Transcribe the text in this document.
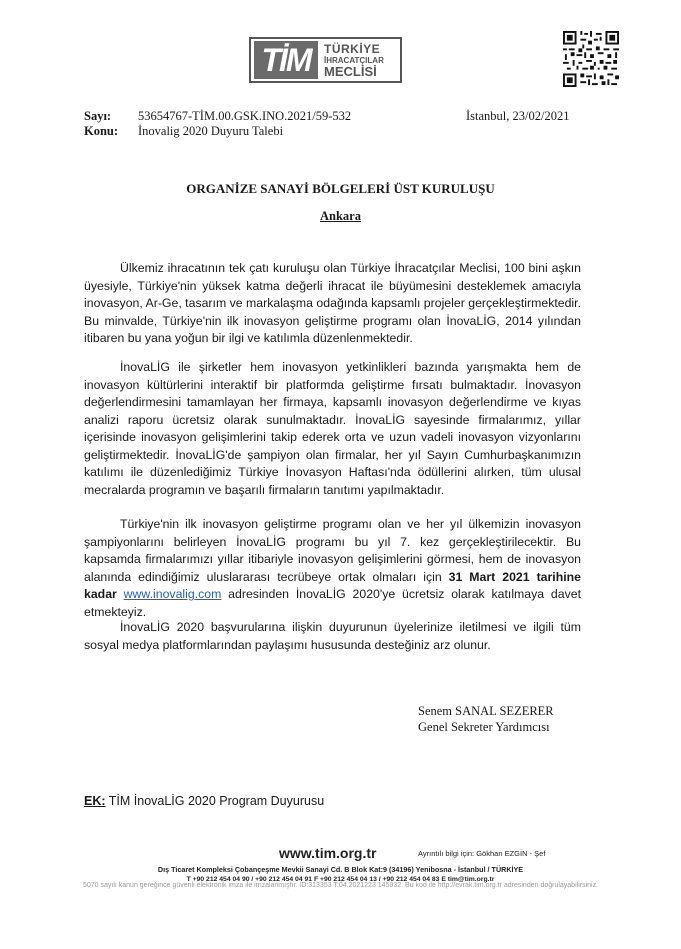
TİM	TÜRKİYE
İHRACATÇILAR
MECLİSİ
Sayı: 53654767-TİM.00.GSK.INO.2021/59-532
Konu: İnovalig 2020 Duyuru Talebi
İstanbul, 23/02/2021
ORGANİZE SANAYİ BÖLGELERİ ÜST KURULUŞU
Ankara

Ülkemiz ihracatının tek çatı kuruluşu olan Türkiye İhracatçılar Meclisi, 100 bini aşkın üyesiyle, Türkiye'nin yüksek katma değerli ihracat ile büyümesini desteklemek amacıyla inovasyon, Ar-Ge, tasarım ve markalaşma odağında kapsamlı projeler gerçekleştirmektedir. Bu minvalde, Türkiye'nin ilk inovasyon geliştirme programı olan İnovaLİG, 2014 yılından itibaren bu yana yoğun bir ilgi ve katılımla düzenlenmektedir.

İnovaLİG ile şirketler hem inovasyon yetkinlikleri bazında yarışmakta hem de inovasyon kültürlerini interaktif bir platformda geliştirme fırsatı bulmaktadır. İnovasyon değerlendirmesini tamamlayan her firmaya, kapsamlı inovasyon değerlendirme ve kıyas analizi raporu ücretsiz olarak sunulmaktadır. İnovaLİG sayesinde firmalarımız, yıllar içerisinde inovasyon gelişimlerini takip ederek orta ve uzun vadeli inovasyon vizyonlarını geliştirmektedir. İnovaLİG'de şampiyon olan firmalar, her yıl Sayın Cumhurbaşkanımızın katılımı ile düzenlediğimiz Türkiye İnovasyon Haftası'nda ödüllerini alırken, tüm ulusal mecralarda programın ve başarılı firmaların tanıtımı yapılmaktadır.

Türkiye'nin ilk inovasyon geliştirme programı olan ve her yıl ülkemizin inovasyon şampiyonlarını belirleyen İnovaLİG programı bu yıl 7. kez gerçekleştirilecektir. Bu kapsamda firmalarımızı yıllar itibariyle inovasyon gelişimlerini görmesi, hem de inovasyon alanında edindiğimiz uluslararası tecrübeye ortak olmaları için 31 Mart 2021 tarihine kadar www.inovalig.com adresinden İnovaLİG 2020'ye ücretsiz olarak katılmaya davet etmekteyiz.

İnovaLİG 2020 başvurularına ilişkin duyurunun üyelerinize iletilmesi ve ilgili tüm sosyal medya platformlarından paylaşımı hususunda desteğiniz arz olunur.

Senem SANAL SEZERER
Genel Sekreter Yardımcısı
EK: TİM İnovaLİG 2020 Program Duyurusu
www.tim.org.tr	Ayrıntılı bilgi için: Gökhan EZGİN - Şef
Dış Ticaret Kompleksi Çobançeşme Mevkii Sanayi Cd. B Blok Kat:9 (34196) Yenibosna - İstanbul / TÜRKİYE
T +90 212 454 04 90 / +90 212 454 04 91 F +90 212 454 04 13 / +90 212 454 04 83 E tim@tim.org.tr
5070 sayılı kanun gereğince güvenli elektronik imza ile imzalanmıştır. ID:313353 T:04.2021223 145932. Bu kod ile http://evrak.tim.org.tr adresinden doğrulayabilirsiniz.
